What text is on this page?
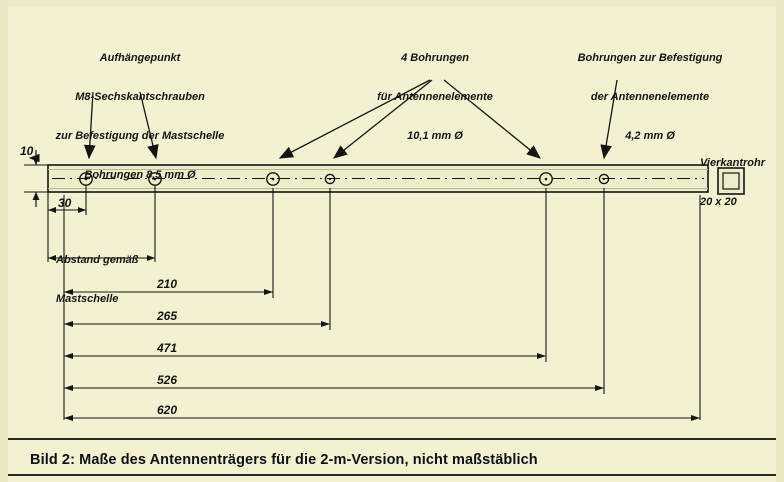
Aufhängepunkt

M8-Sechskantschrauben

zur Befestigung der Mastschelle

Bohrungen 8,5 mm Ø

4 Bohrungen

für Antennenelemente

10,1 mm Ø

Bohrungen zur Befestigung

der Antennenelemente

4,2 mm Ø

Abstand gemäß

Mastschelle

Vierkantrohr

20 x 20

10
30
210
265
471
526
620
Bild 2: Maße des Antennenträgers für die 2-m-Version, nicht maßstäblich
